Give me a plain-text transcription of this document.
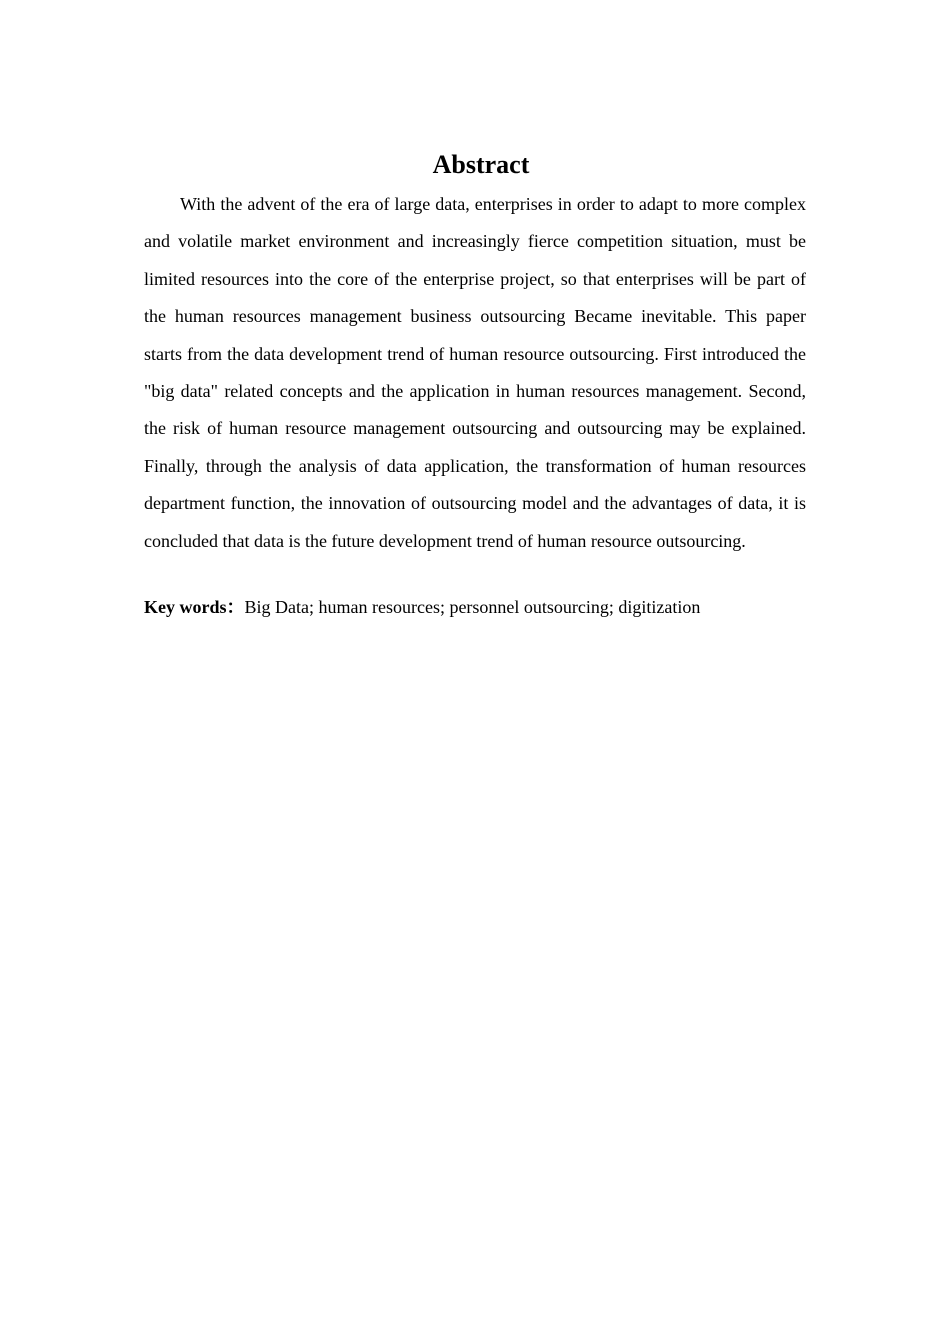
Abstract

With the advent of the era of large data, enterprises in order to adapt to more complex and volatile market environment and increasingly fierce competition situation, must be limited resources into the core of the enterprise project, so that enterprises will be part of the human resources management business outsourcing Became inevitable. This paper starts from the data development trend of human resource outsourcing. First introduced the "big data" related concepts and the application in human resources management. Second, the risk of human resource management outsourcing and outsourcing may be explained. Finally, through the analysis of data application, the transformation of human resources department function, the innovation of outsourcing model and the advantages of data, it is concluded that data is the future development trend of human resource outsourcing.

Key words：Big Data; human resources; personnel outsourcing; digitization
